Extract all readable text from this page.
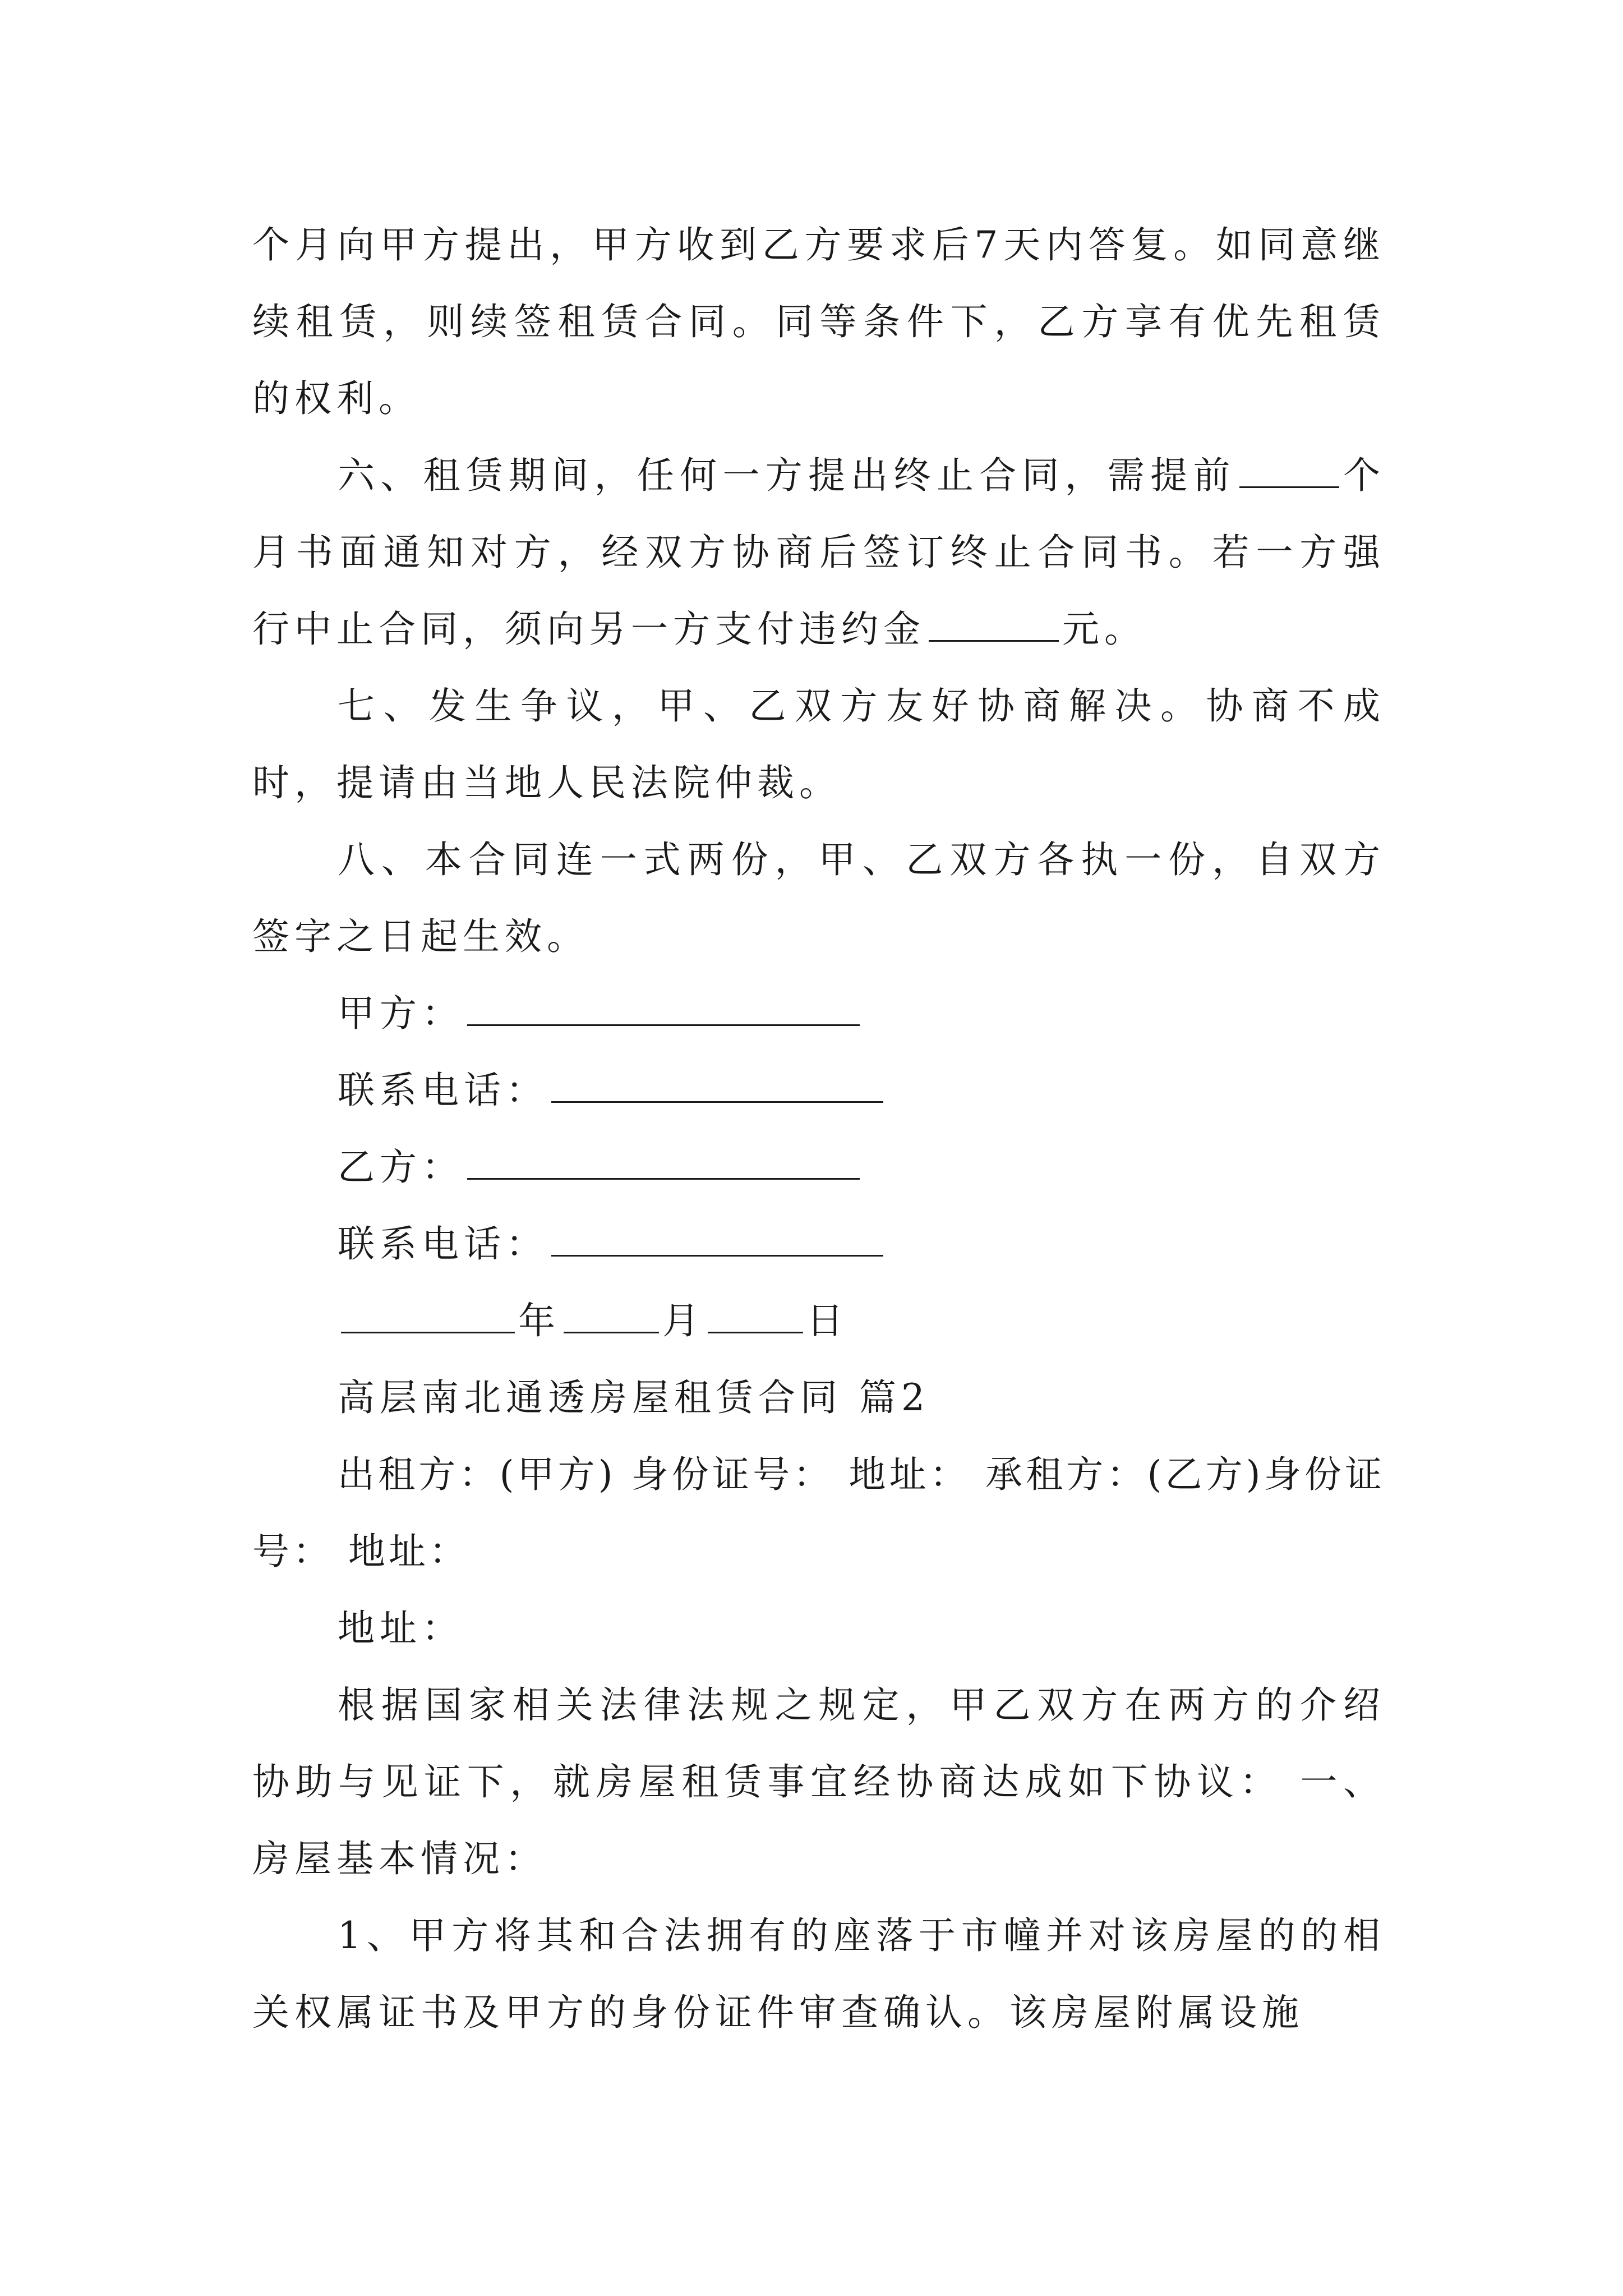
个月向甲方提出，甲方收到乙方要求后7天内答复。如同意继续租赁，则续签租赁合同。同等条件下，乙方享有优先租赁的权利。

六、租赁期间，任何一方提出终止合同，需提前	个月书面通知对方，经双方协商后签订终止合同书。若一方强行中止合同，须向另一方支付违约金	元。

七、发生争议，甲、乙双方友好协商解决。协商不成时，提请由当地人民法院仲裁。

八、本合同连一式两份，甲、乙双方各执一份，自双方签字之日起生效。

甲方：

联系电话：

乙方：

联系电话：

年	月	日

高层南北通透房屋租赁合同 篇2

出租方：(甲方) 身份证号： 地址： 承租方：(乙方)身份证号： 地址：

地址：

根据国家相关法律法规之规定，甲乙双方在两方的介绍协助与见证下，就房屋租赁事宜经协商达成如下协议： 一、房屋基本情况：

1、甲方将其和合法拥有的座落于市幢并对该房屋的的相关权属证书及甲方的身份证件审查确认。该房屋附属设施
